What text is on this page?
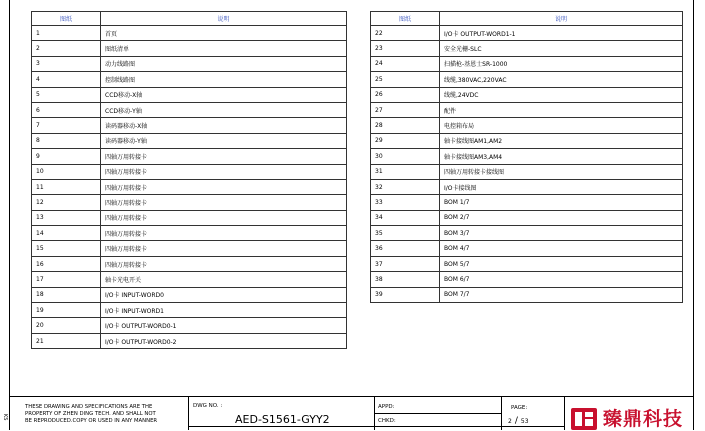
KS
图纸	说明
1	首页
2	图纸清单
3	动力线路图
4	控制线路图
5	CCD移动-X轴
6	CCD移动-Y轴
7	读码器移动-X轴
8	读码器移动-Y轴
9	四轴万用转接卡
10	四轴万用转接卡
11	四轴万用转接卡
12	四轴万用转接卡
13	四轴万用转接卡
14	四轴万用转接卡
15	四轴万用转接卡
16	四轴万用转接卡
17	轴卡光电开关
18	I/O卡 INPUT-WORD0
19	I/O卡 INPUT-WORD1
20	I/O卡 OUTPUT-WORD0-1
21	I/O卡 OUTPUT-WORD0-2
图纸	说明
22	I/O卡 OUTPUT-WORD1-1
23	安全光栅-SLC
24	扫描枪-基恩士SR-1000
25	线缆,380VAC,220VAC
26	线缆,24VDC
27	配件
28	电控箱布局
29	轴卡接线图AM1,AM2
30	轴卡接线图AM3,AM4
31	四轴万用转接卡接线图
32	I/O卡接线图
33	BOM 1/7
34	BOM 2/7
35	BOM 3/7
36	BOM 4/7
37	BOM 5/7
38	BOM 6/7
39	BOM 7/7
THESE DRAWING AND SPECIFICATIONS ARE THE
PROPERTY OF ZHEN DING TECH. AND SHALL NOT
BE REPRODUCED.COPY OR USED IN ANY MANNER
DWG NO. :
AED-S1561-GYY2
APPD:
CHKD:
PAGE:
2 / 53	臻鼎科技
